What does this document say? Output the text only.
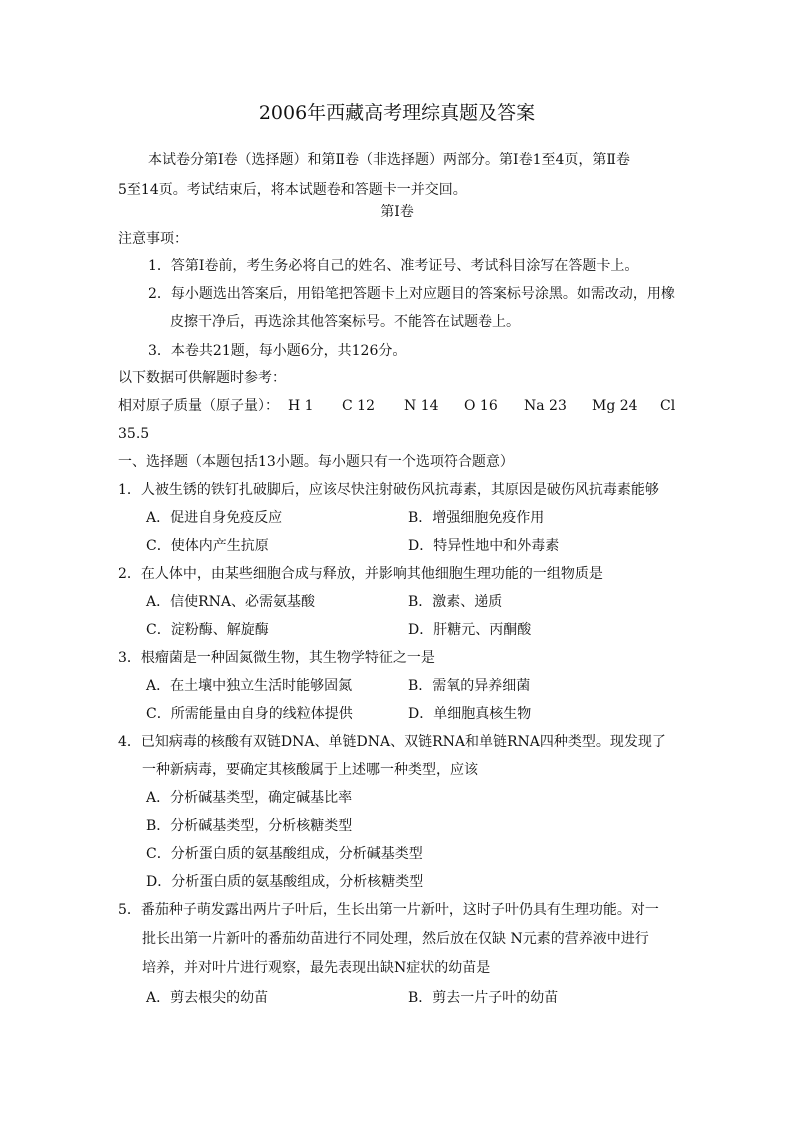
2006年西藏高考理综真题及答案
本试卷分第Ⅰ卷（选择题）和第Ⅱ卷（非选择题）两部分。第Ⅰ卷1至4页，第Ⅱ卷
5至14页。考试结束后，将本试题卷和答题卡一并交回。
第Ⅰ卷
注意事项：
1．答第Ⅰ卷前，考生务必将自己的姓名、准考证号、考试科目涂写在答题卡上。
2．每小题选出答案后，用铅笔把答题卡上对应题目的答案标号涂黑。如需改动，用橡
皮擦干净后，再选涂其他答案标号。不能答在试题卷上。
3．本卷共21题，每小题6分，共126分。
以下数据可供解题时参考：
相对原子质量（原子量）： H 1 C 12 N 14 O 16 Na 23 Mg 24 Cl
35.5
一、选择题（本题包括13小题。每小题只有一个选项符合题意）
1．人被生锈的铁钉扎破脚后，应该尽快注射破伤风抗毒素，其原因是破伤风抗毒素能够
A．促进自身免疫反应	B．增强细胞免疫作用
C．使体内产生抗原	D．特异性地中和外毒素
2．在人体中，由某些细胞合成与释放，并影响其他细胞生理功能的一组物质是
A．信使RNA、必需氨基酸	B．激素、递质
C．淀粉酶、解旋酶	D．肝糖元、丙酮酸
3．根瘤菌是一种固氮微生物，其生物学特征之一是
A．在土壤中独立生活时能够固氮	B．需氧的异养细菌
C．所需能量由自身的线粒体提供	D．单细胞真核生物
4．已知病毒的核酸有双链DNA、单链DNA、双链RNA和单链RNA四种类型。现发现了
一种新病毒，要确定其核酸属于上述哪一种类型，应该
A．分析碱基类型，确定碱基比率
B．分析碱基类型，分析核糖类型
C．分析蛋白质的氨基酸组成，分析碱基类型
D．分析蛋白质的氨基酸组成，分析核糖类型
5．番茄种子萌发露出两片子叶后，生长出第一片新叶，这时子叶仍具有生理功能。对一
批长出第一片新叶的番茄幼苗进行不同处理，然后放在仅缺 N元素的营养液中进行
培养，并对叶片进行观察，最先表现出缺N症状的幼苗是
A．剪去根尖的幼苗	B．剪去一片子叶的幼苗
